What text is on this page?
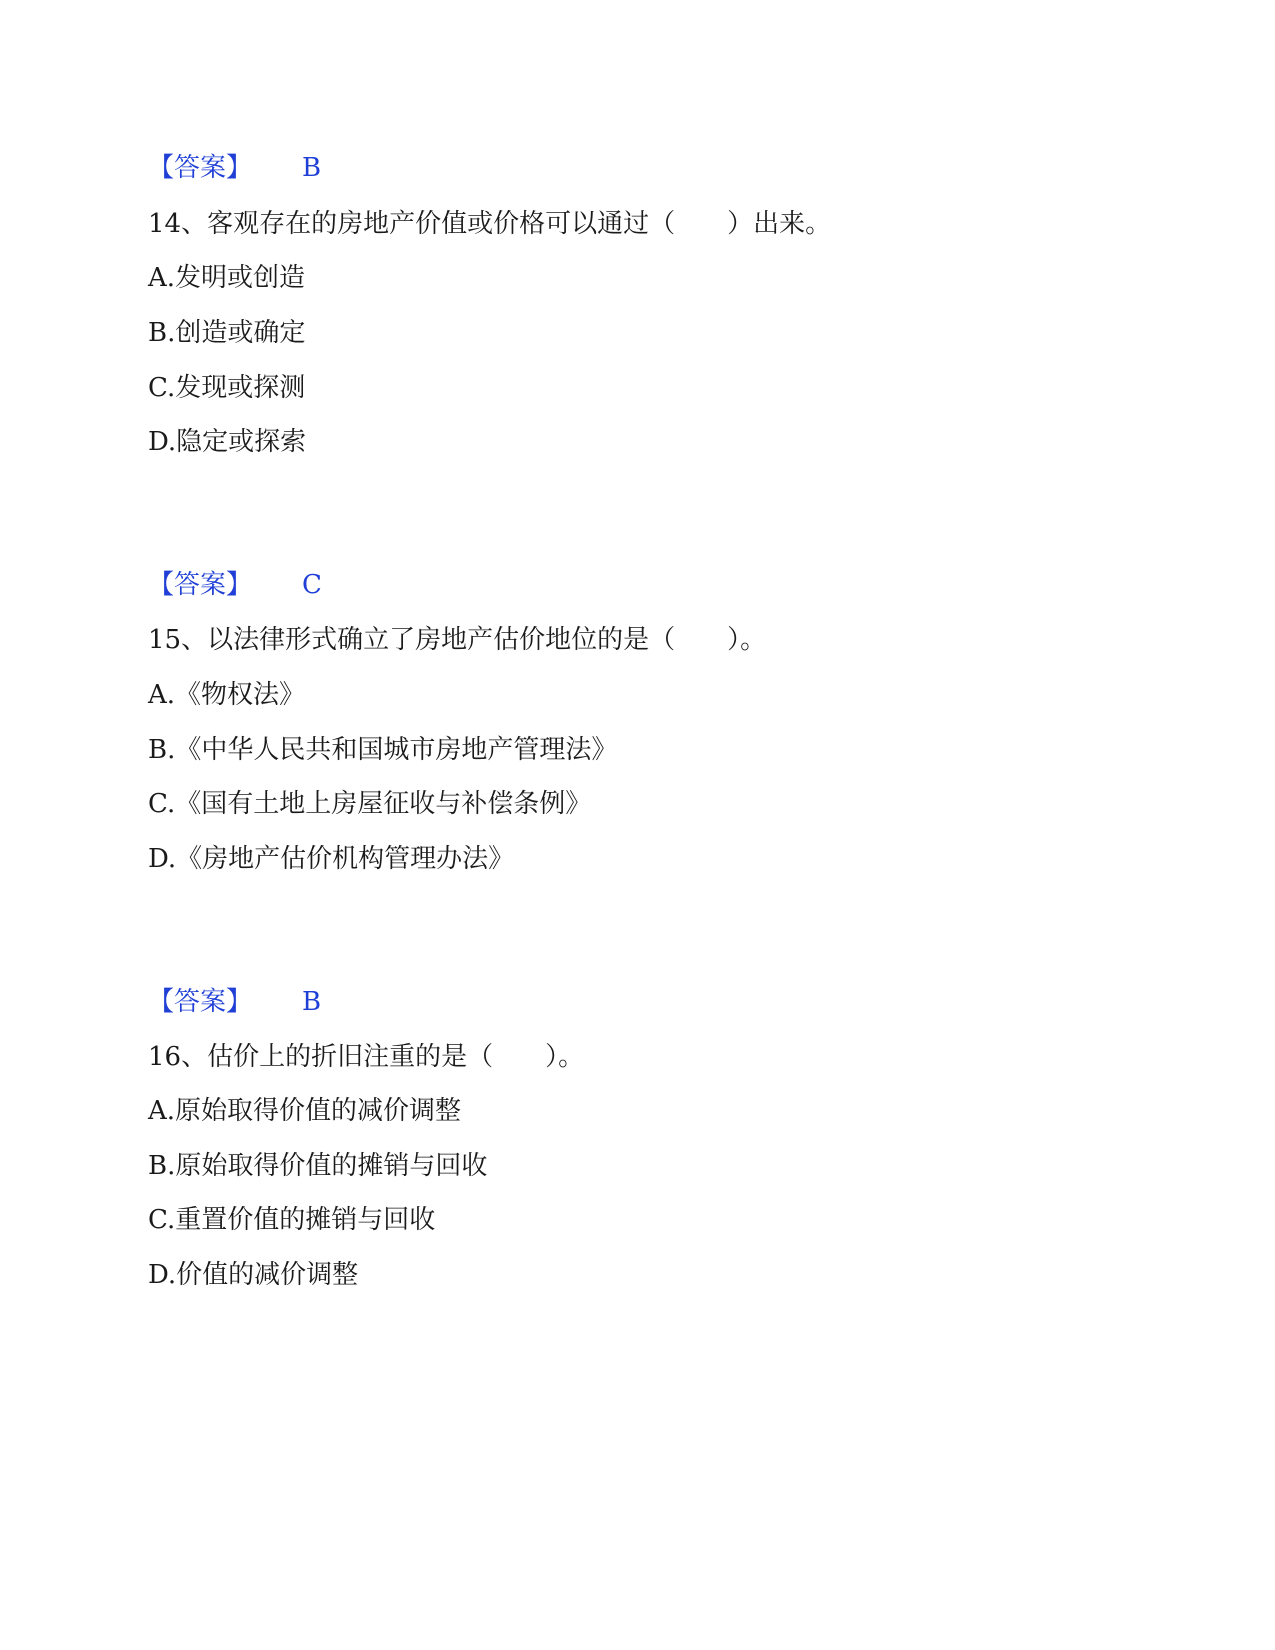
【答案】 B
14、客观存在的房地产价值或价格可以通过（　　）出来。
A.发明或创造
B.创造或确定
C.发现或探测
D.隐定或探索
【答案】 C
15、以法律形式确立了房地产估价地位的是（　　）。
A.《物权法》
B.《中华人民共和国城市房地产管理法》
C.《国有土地上房屋征收与补偿条例》
D.《房地产估价机构管理办法》
【答案】 B
16、估价上的折旧注重的是（　　）。
A.原始取得价值的减价调整
B.原始取得价值的摊销与回收
C.重置价值的摊销与回收
D.价值的减价调整
